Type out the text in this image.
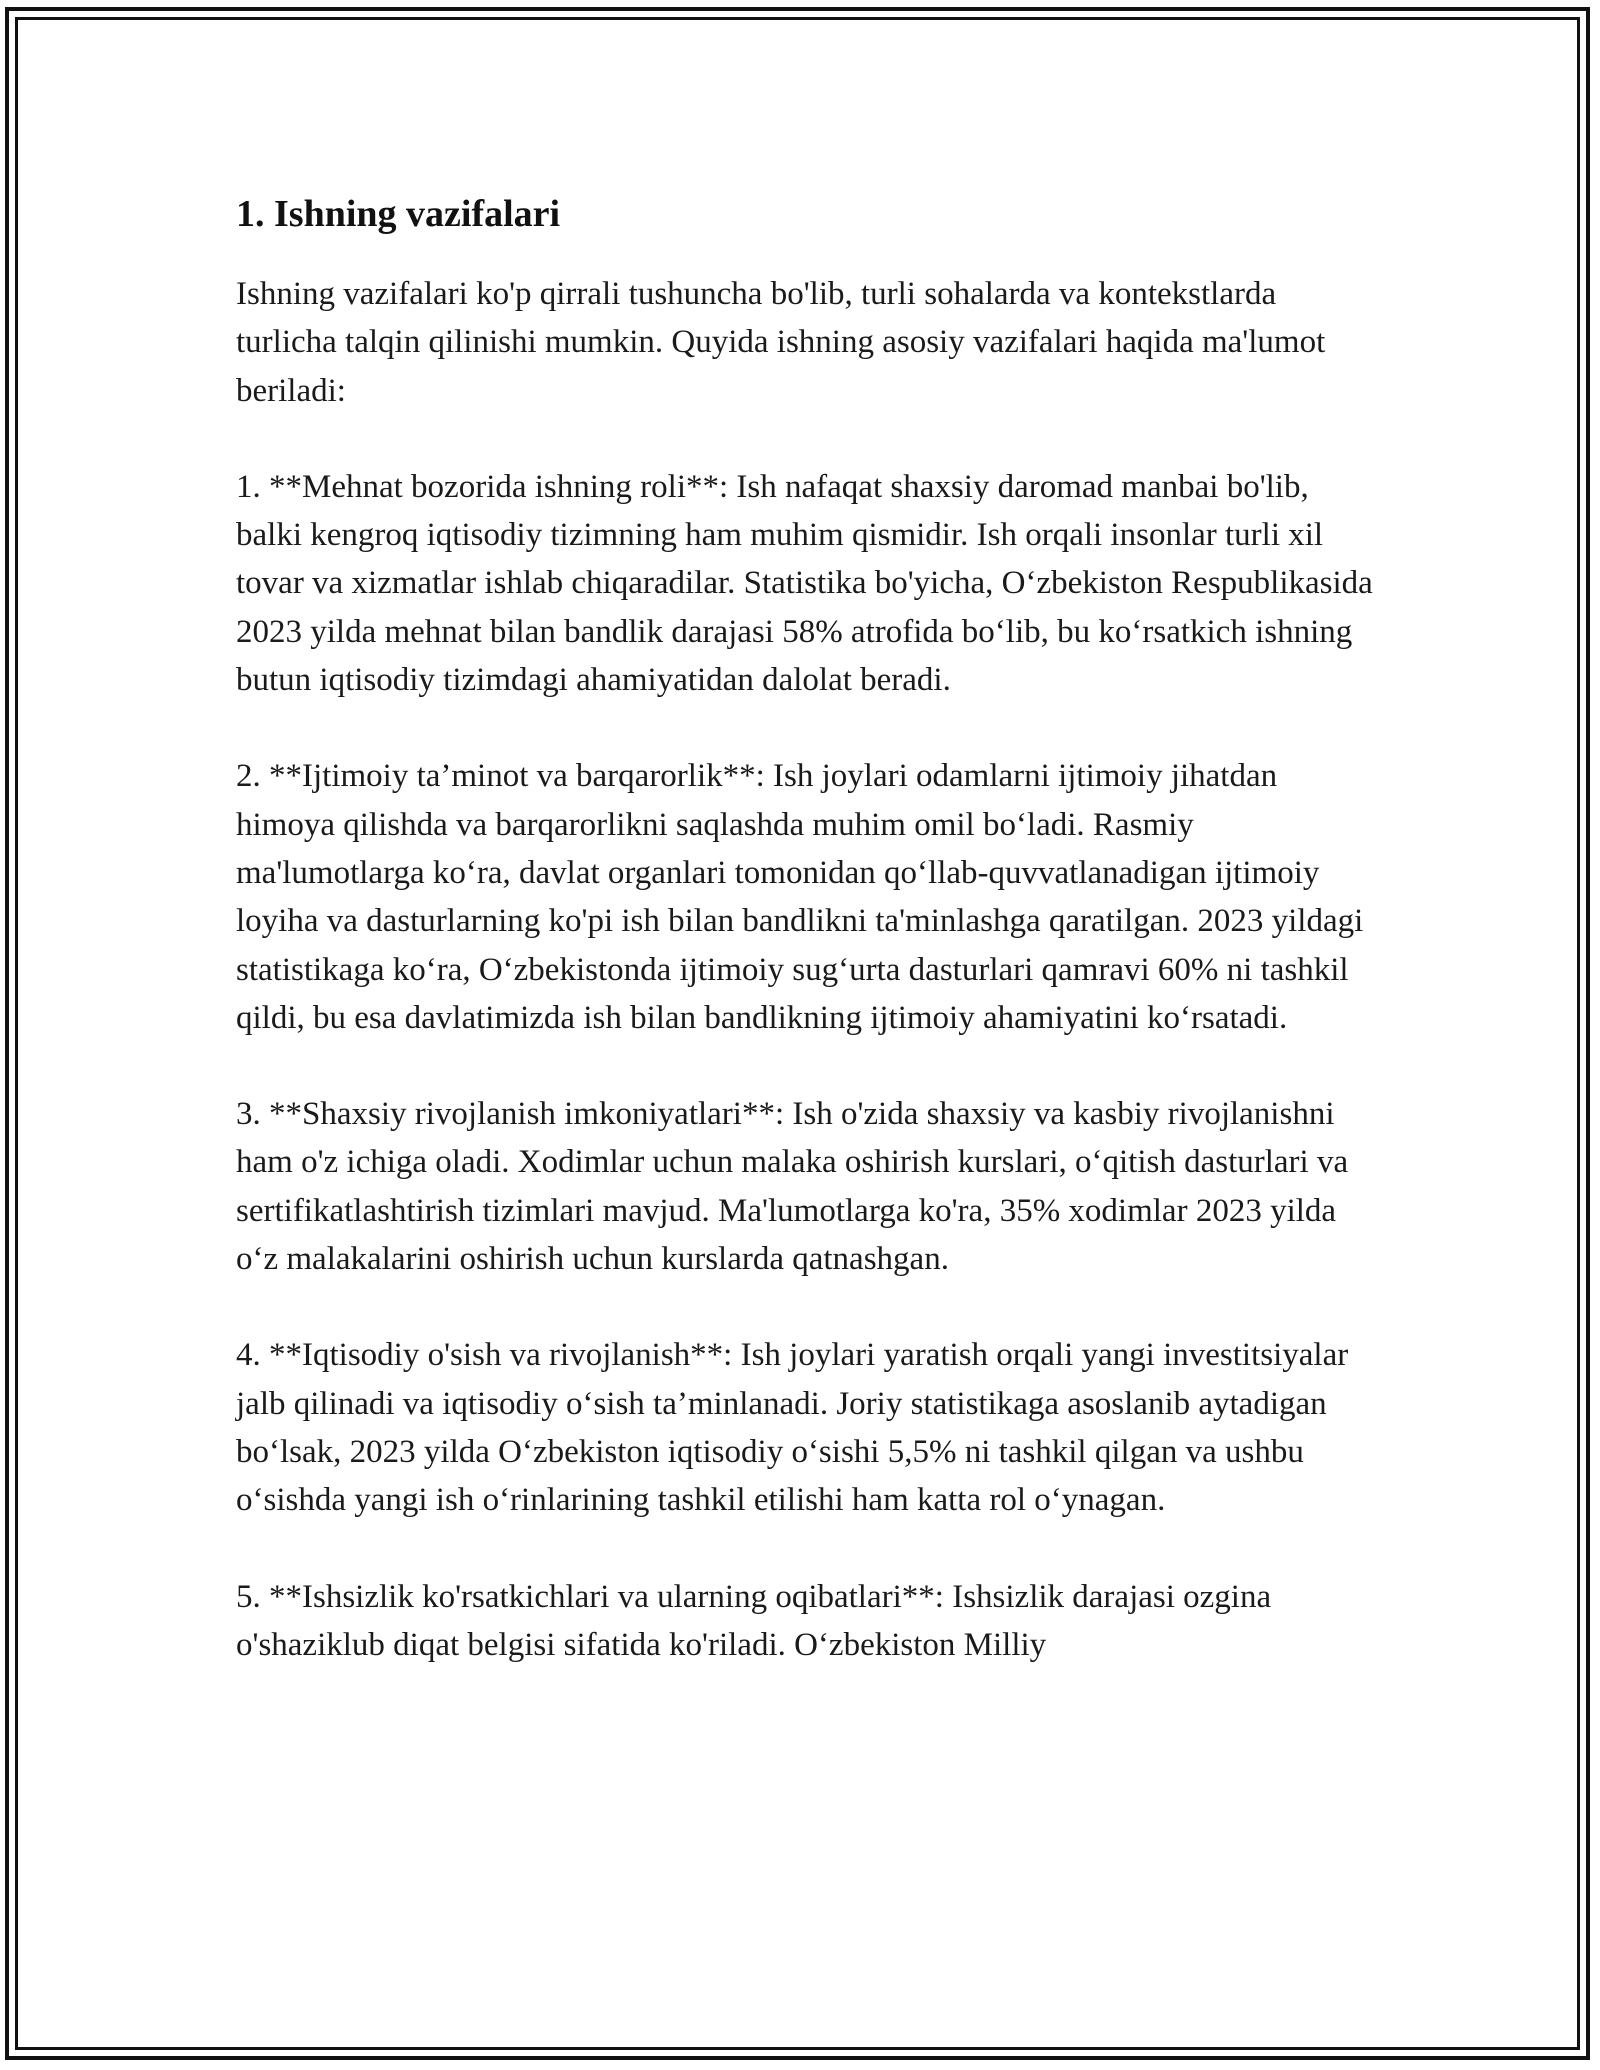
1. Ishning vazifalari

Ishning vazifalari ko'p qirrali tushuncha bo'lib, turli sohalarda va kontekstlarda turlicha talqin qilinishi mumkin. Quyida ishning asosiy vazifalari haqida ma'lumot beriladi:

1. **Mehnat bozorida ishning roli**: Ish nafaqat shaxsiy daromad manbai bo'lib, balki kengroq iqtisodiy tizimning ham muhim qismidir. Ish orqali insonlar turli xil tovar va xizmatlar ishlab chiqaradilar. Statistika bo'yicha, O‘zbekiston Respublikasida 2023 yilda mehnat bilan bandlik darajasi 58% atrofida bo‘lib, bu ko‘rsatkich ishning butun iqtisodiy tizimdagi ahamiyatidan dalolat beradi.

2. **Ijtimoiy ta’minot va barqarorlik**: Ish joylari odamlarni ijtimoiy jihatdan himoya qilishda va barqarorlikni saqlashda muhim omil bo‘ladi. Rasmiy ma'lumotlarga ko‘ra, davlat organlari tomonidan qo‘llab-quvvatlanadigan ijtimoiy loyiha va dasturlarning ko'pi ish bilan bandlikni ta'minlashga qaratilgan. 2023 yildagi statistikaga ko‘ra, O‘zbekistonda ijtimoiy sug‘urta dasturlari qamravi 60% ni tashkil qildi, bu esa davlatimizda ish bilan bandlikning ijtimoiy ahamiyatini ko‘rsatadi.

3. **Shaxsiy rivojlanish imkoniyatlari**: Ish o'zida shaxsiy va kasbiy rivojlanishni ham o'z ichiga oladi. Xodimlar uchun malaka oshirish kurslari, o‘qitish dasturlari va sertifikatlashtirish tizimlari mavjud. Ma'lumotlarga ko'ra, 35% xodimlar 2023 yilda o‘z malakalarini oshirish uchun kurslarda qatnashgan.

4. **Iqtisodiy o'sish va rivojlanish**: Ish joylari yaratish orqali yangi investitsiyalar jalb qilinadi va iqtisodiy o‘sish ta’minlanadi. Joriy statistikaga asoslanib aytadigan bo‘lsak, 2023 yilda O‘zbekiston iqtisodiy o‘sishi 5,5% ni tashkil qilgan va ushbu o‘sishda yangi ish o‘rinlarining tashkil etilishi ham katta rol o‘ynagan.

5. **Ishsizlik ko'rsatkichlari va ularning oqibatlari**: Ishsizlik darajasi ozgina o'shaziklub diqat belgisi sifatida ko'riladi. O‘zbekiston Milliy
